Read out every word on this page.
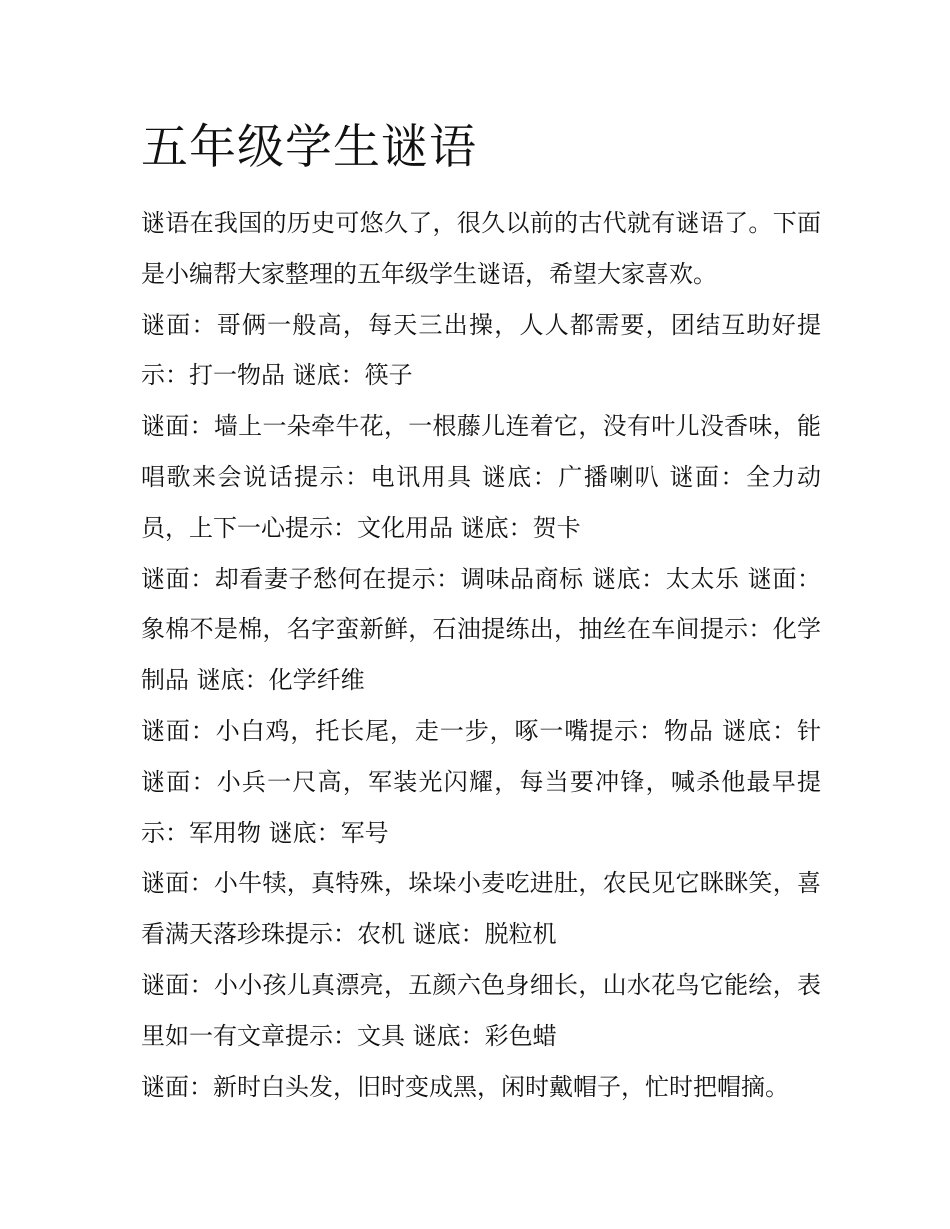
五年级学生谜语

谜语在我国的历史可悠久了，很久以前的古代就有谜语了。下面是小编帮大家整理的五年级学生谜语，希望大家喜欢。

谜面：哥俩一般高，每天三出操，人人都需要，团结互助好提示：打一物品 谜底：筷子

谜面：墙上一朵牵牛花，一根藤儿连着它，没有叶儿没香味，能唱歌来会说话提示：电讯用具 谜底：广播喇叭 谜面：全力动员，上下一心提示：文化用品 谜底：贺卡

谜面：却看妻子愁何在提示：调味品商标 谜底：太太乐 谜面：象棉不是棉，名字蛮新鲜，石油提练出，抽丝在车间提示：化学制品 谜底：化学纤维

谜面：小白鸡，托长尾，走一步，啄一嘴提示：物品 谜底：针 谜面：小兵一尺高，军装光闪耀，每当要冲锋，喊杀他最早提示：军用物 谜底：军号

谜面：小牛犊，真特殊，垛垛小麦吃进肚，农民见它眯眯笑，喜看满天落珍珠提示：农机 谜底：脱粒机

谜面：小小孩儿真漂亮，五颜六色身细长，山水花鸟它能绘，表里如一有文章提示：文具 谜底：彩色蜡

谜面：新时白头发，旧时变成黑，闲时戴帽子，忙时把帽摘。
